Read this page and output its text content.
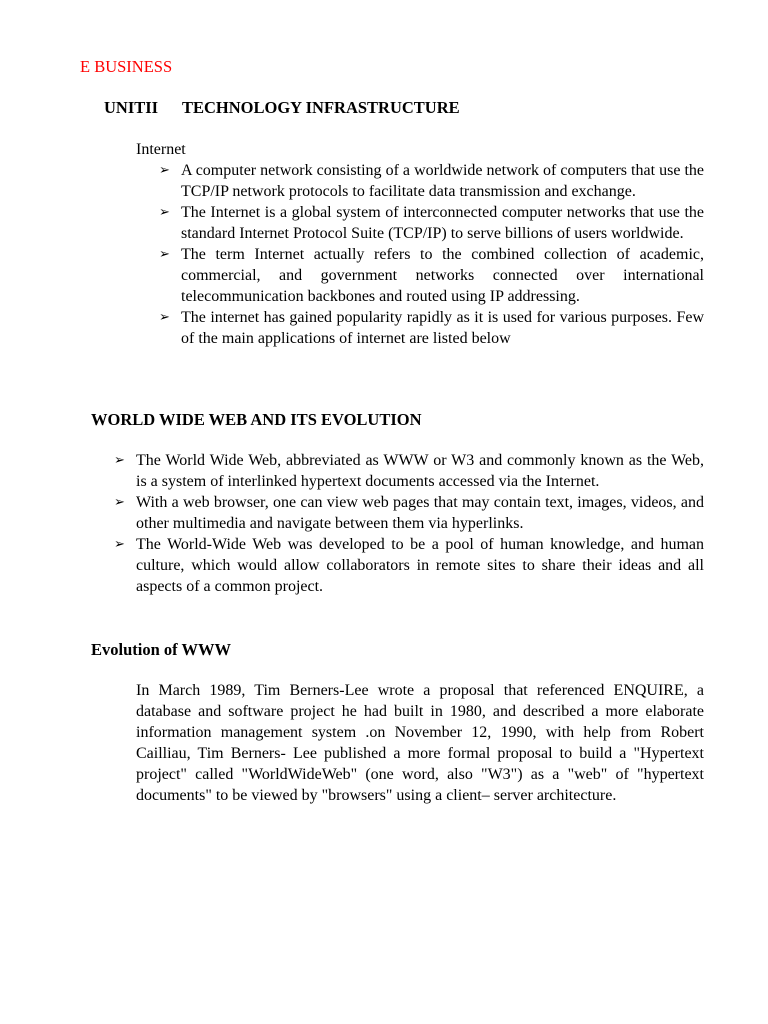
E BUSINESS
UNITII TECHNOLOGY INFRASTRUCTURE
Internet
➢ A computer network consisting of a worldwide network of computers that use the TCP/IP network protocols to facilitate data transmission and exchange.
➢ The Internet is a global system of interconnected computer networks that use the standard Internet Protocol Suite (TCP/IP) to serve billions of users worldwide.
➢ The term Internet actually refers to the combined collection of academic, commercial, and government networks connected over international telecommunication backbones and routed using IP addressing.
➢ The internet has gained popularity rapidly as it is used for various purposes. Few of the main applications of internet are listed below
WORLD WIDE WEB AND ITS EVOLUTION
➢ The World Wide Web, abbreviated as WWW or W3 and commonly known as the Web, is a system of interlinked hypertext documents accessed via the Internet.
➢ With a web browser, one can view web pages that may contain text, images, videos, and other multimedia and navigate between them via hyperlinks.
➢ The World-Wide Web was developed to be a pool of human knowledge, and human culture, which would allow collaborators in remote sites to share their ideas and all aspects of a common project.
Evolution of WWW

In March 1989, Tim Berners-Lee wrote a proposal that referenced ENQUIRE, a database and software project he had built in 1980, and described a more elaborate information management system .on November 12, 1990, with help from Robert Cailliau, Tim Berners- Lee published a more formal proposal to build a "Hypertext project" called "WorldWideWeb" (one word, also "W3") as a "web" of "hypertext documents" to be viewed by "browsers" using a client– server architecture.
